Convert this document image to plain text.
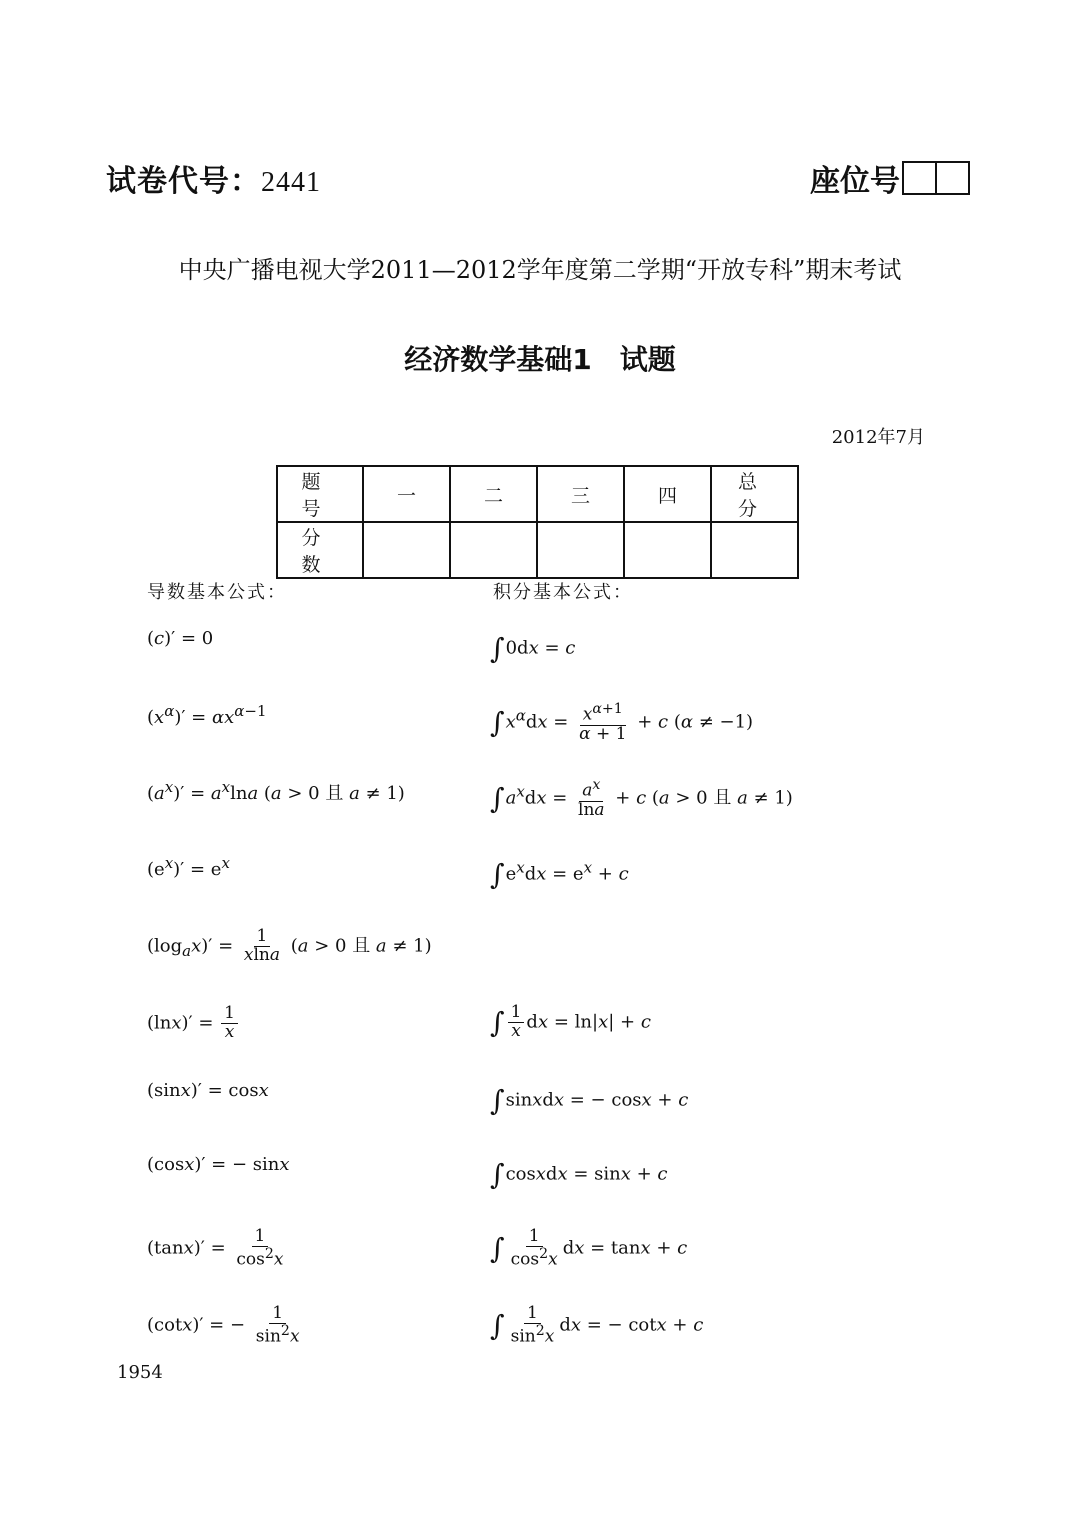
试卷代号：2441	座位号
中央广播电视大学2011—2012学年度第二学期“开放专科”期末考试
经济数学基础1　试题
2012年7月
题　号	一	二	三	四	总　分
分　数					
导数基本公式：	积分基本公式：
(c)′ = 0
$(x^\alpha)' = \alpha x^{\alpha-1}$
$(a^x)' = a^x\ln a$ (a > 0 且 a ≠ 1)
$(e^x)' = e^x$
$(\log_ax)' = \frac{1}{xlna} (a > 0$ 且 a ≠ 1)
$(\ln x)' = \frac{1}{x}$
(sinx)′ = cosx
(cosx)′ = − sinx
$(\tan x)' = \frac{1}{\cos^2x}$
(cotx)′ = − $\frac{1}{\sin^2x}$
∫0dx = c
$\int x^\alpha dx = \frac{x^{\alpha+1}}{\alpha + 1} + c$ (α ≠ −1)
$\int a^xdx = \frac{a^x}{\ln a} + c$ (a > 0 且 a ≠ 1)
$\int e^xdx = e^x + c$
∫ $\frac{1}{x}$ dx = ln|x| + c
∫sinxdx = − cosx + c
∫cosxdx = sinx + c
∫ $\frac{1}{\cos^2x}$ dx = tanx + c
∫ $\frac{1}{\sin^2x}$ dx = − cotx + c
1954
